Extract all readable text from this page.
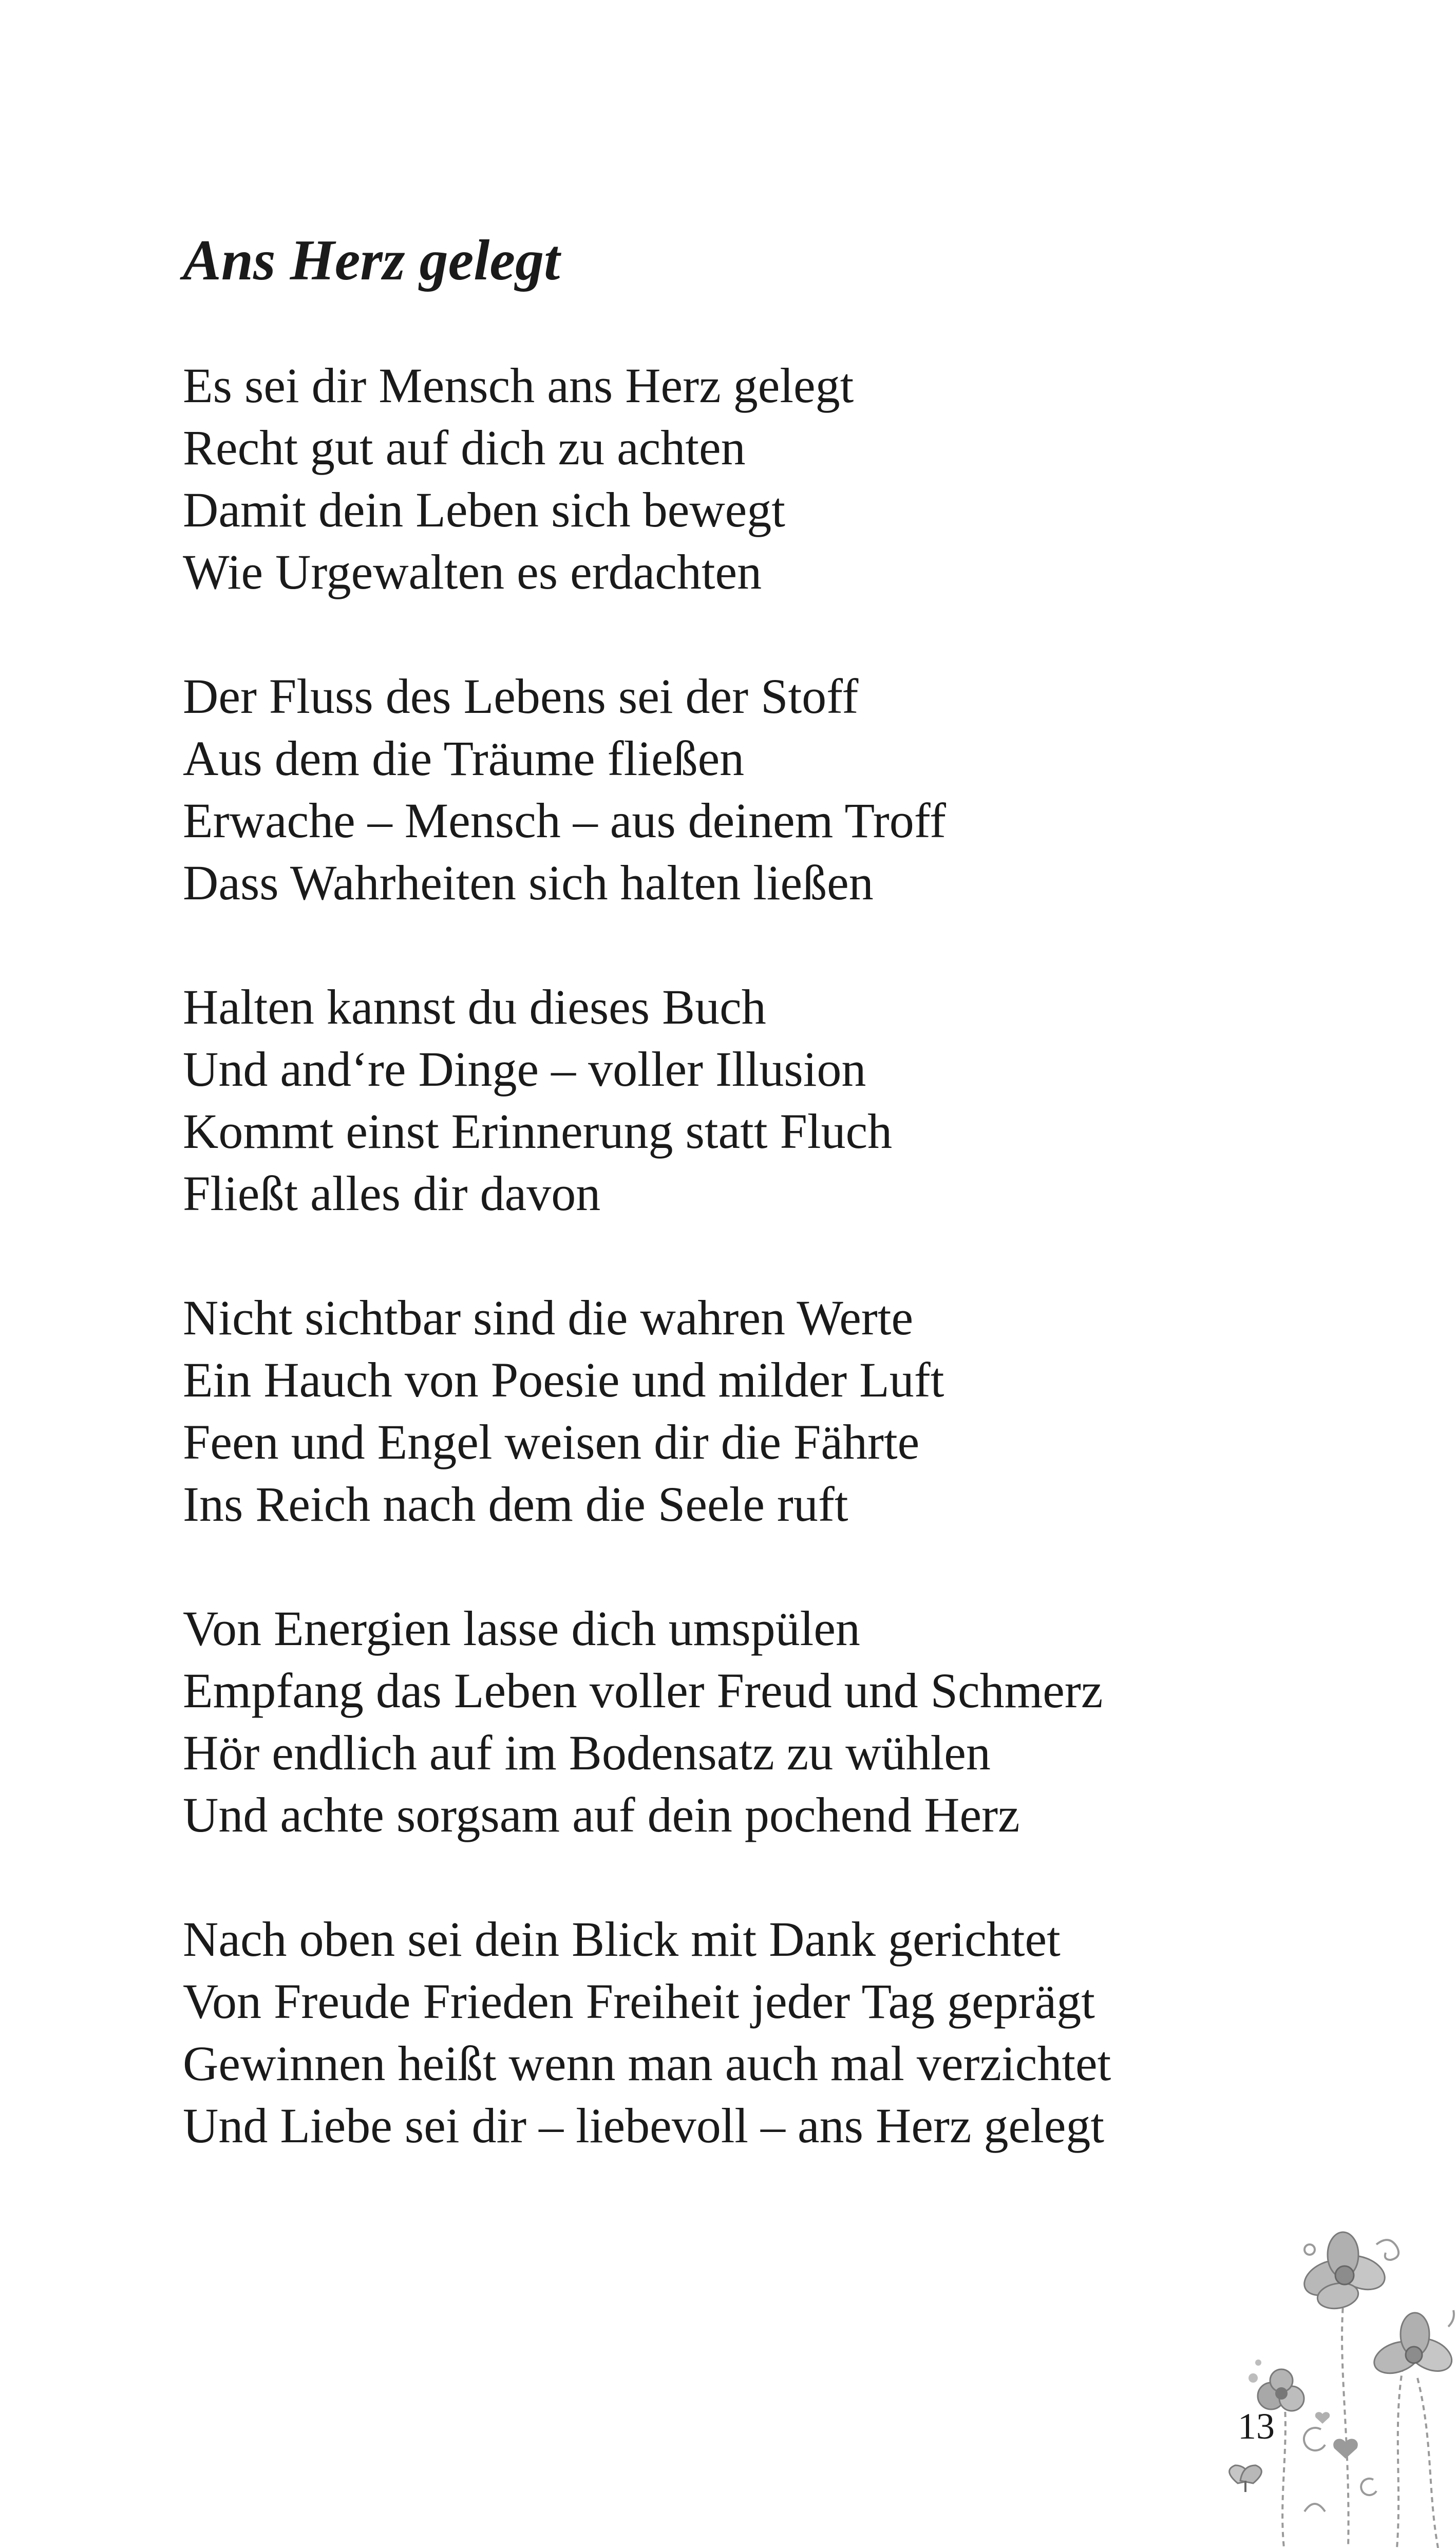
Ans Herz gelegt
Es sei dir Mensch ans Herz gelegt
Recht gut auf dich zu achten
Damit dein Leben sich bewegt
Wie Urgewalten es erdachten
Der Fluss des Lebens sei der Stoff
Aus dem die Träume fließen
Erwache – Mensch – aus deinem Troff
Dass Wahrheiten sich halten ließen
Halten kannst du dieses Buch
Und and‘re Dinge – voller Illusion
Kommt einst Erinnerung statt Fluch
Fließt alles dir davon
Nicht sichtbar sind die wahren Werte
Ein Hauch von Poesie und milder Luft
Feen und Engel weisen dir die Fährte
Ins Reich nach dem die Seele ruft
Von Energien lasse dich umspülen
Empfang das Leben voller Freud und Schmerz
Hör endlich auf im Bodensatz zu wühlen
Und achte sorgsam auf dein pochend Herz
Nach oben sei dein Blick mit Dank gerichtet
Von Freude Frieden Freiheit jeder Tag geprägt
Gewinnen heißt wenn man auch mal verzichtet
Und Liebe sei dir – liebevoll – ans Herz gelegt
13
